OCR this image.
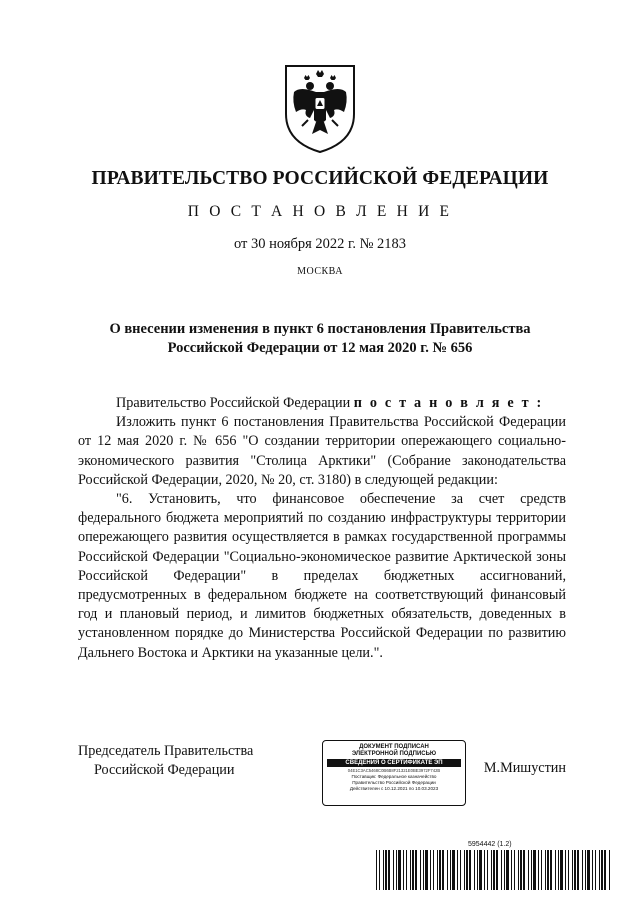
ПРАВИТЕЛЬСТВО РОССИЙСКОЙ ФЕДЕРАЦИИ
П О С Т А Н О В Л Е Н И Е
от 30 ноября 2022 г. № 2183
МОСКВА
О внесении изменения в пункт 6 постановления Правительства
Российской Федерации от 12 мая 2020 г. № 656

Правительство Российской Федерации п о с т а н о в л я е т :

Изложить пункт 6 постановления Правительства Российской Федерации от 12 мая 2020 г. № 656 "О создании территории опережающего социально-экономического развития "Столица Арктики" (Собрание законодательства Российской Федерации, 2020, № 20, ст. 3180) в следующей редакции:

"6. Установить, что финансовое обеспечение за счет средств федерального бюджета мероприятий по созданию инфраструктуры территории опережающего развития осуществляется в рамках государственной программы Российской Федерации "Социально-экономическое развитие Арктической зоны Российской Федерации" в пределах бюджетных ассигнований, предусмотренных в федеральном бюджете на соответствующий финансовый год и плановый период, и лимитов бюджетных обязательств, доведенных в установленном порядке до Министерства Российской Федерации по развитию Дальнего Востока и Арктики на указанные цели.".

Председатель Правительства
Российской Федерации
ДОКУМЕНТ ПОДПИСАН
ЭЛЕКТРОННОЙ ПОДПИСЬЮ
СВЕДЕНИЯ О СЕРТИФИКАТЕ ЭП
04E1C3AC5468C0B6B8F21321E0BE3972F742B
Поставщик: Федеральное казначейство
Правительство Российской Федерации
Действителен с 10.12.2021 по 10.03.2023
М.Мишустин
5954442 (1.2)
